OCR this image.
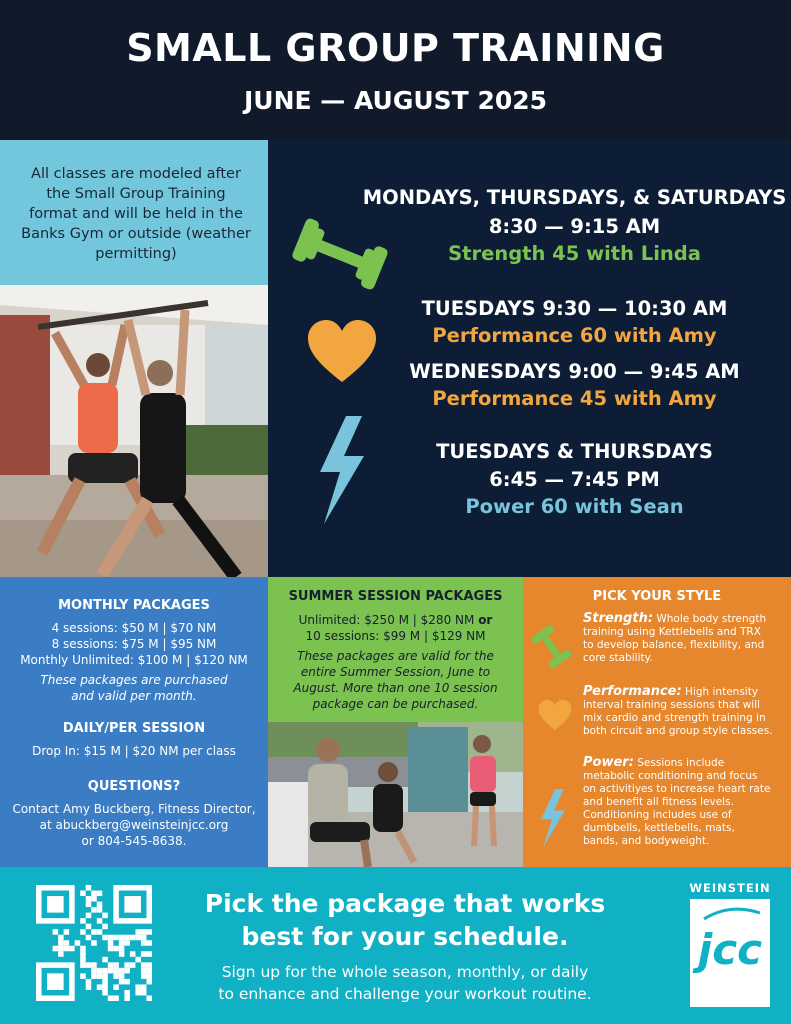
SMALL GROUP TRAINING
JUNE — AUGUST 2025

All classes are modeled after the Small Group Training format and will be held in the Banks Gym or outside (weather permitting)

MONDAYS, THURSDAYS, & SATURDAYS
8:30 — 9:15 AM
Strength 45 with Linda
TUESDAYS 9:30 — 10:30 AM
Performance 60 with Amy
WEDNESDAYS 9:00 — 9:45 AM
Performance 45 with Amy
TUESDAYS & THURSDAYS
6:45 — 7:45 PM
Power 60 with Sean
MONTHLY PACKAGES
4 sessions: $50 M | $70 NM
8 sessions: $75 M | $95 NM
Monthly Unlimited: $100 M | $120 NM
These packages are purchased
and valid per month.
DAILY/PER SESSION
Drop In: $15 M | $20 NM per class
QUESTIONS?
Contact Amy Buckberg, Fitness Director,
at abuckberg@weinsteinjcc.org
or 804-545-8638.
SUMMER SESSION PACKAGES
Unlimited: $250 M | $280 NM or
10 sessions: $99 M | $129 NM
These packages are valid for the entire Summer Session, June to August. More than one 10 session package can be purchased.
PICK YOUR STYLE
Strength: Whole body strength training using Kettlebells and TRX to develop balance, flexibility, and core stability.
Performance: High intensity interval training sessions that will mix cardio and strength training in both circuit and group style classes.
Power: Sessions include metabolic conditioning and focus on activitiyes to increase heart rate and benefit all fitness levels. Conditioning includes use of dumbbells, kettlebells, mats, bands, and bodyweight.
Pick the package that works
best for your schedule.
Sign up for the whole season, monthly, or daily
to enhance and challenge your workout routine.
WEINSTEIN
jcc
